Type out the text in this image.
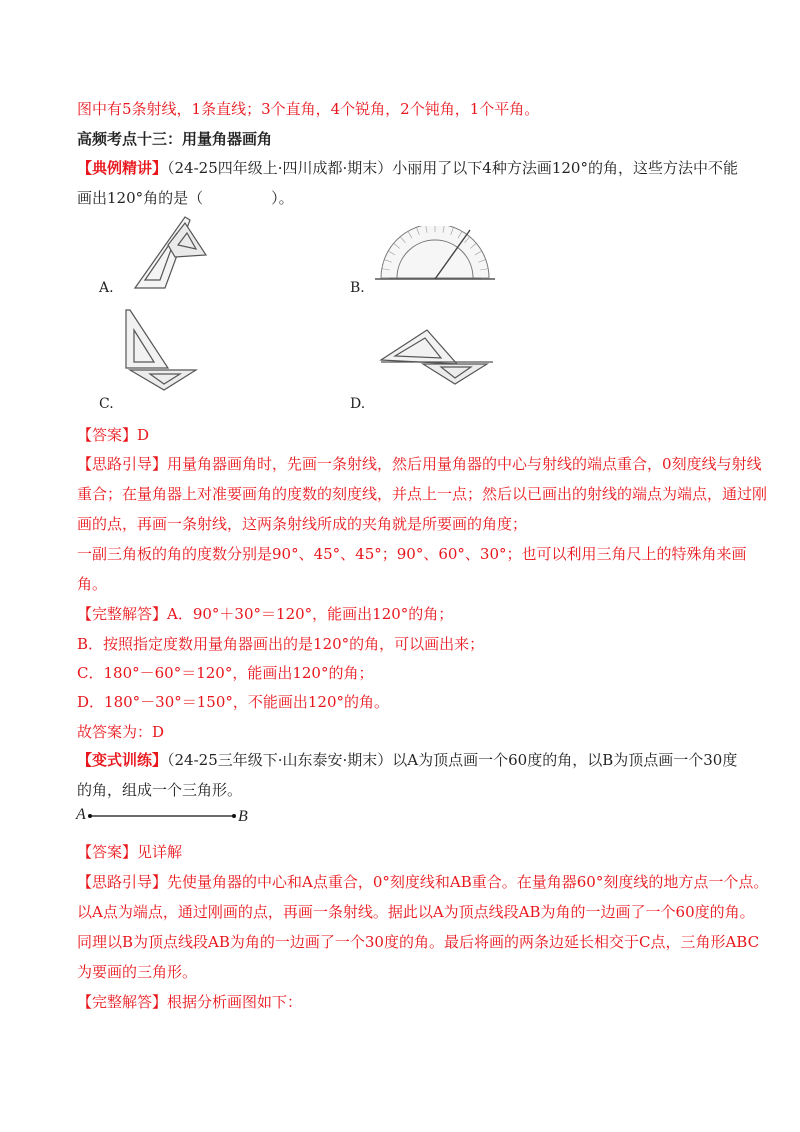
图中有5条射线，1条直线；3个直角，4个锐角，2个钝角，1个平角。
高频考点十三：用量角器画角
【典例精讲】（24-25四年级上·四川成都·期末）小丽用了以下4种方法画120°的角，这些方法中不能
画出120°角的是（	）。
A.	B.
C.	D.
【答案】D
【思路引导】用量角器画角时，先画一条射线，然后用量角器的中心与射线的端点重合，0刻度线与射线
重合；在量角器上对准要画角的度数的刻度线，并点上一点；然后以已画出的射线的端点为端点，通过刚
画的点，再画一条射线，这两条射线所成的夹角就是所要画的角度；
一副三角板的角的度数分别是90°、45°、45°；90°、60°、30°；也可以利用三角尺上的特殊角来画
角。
【完整解答】A．90°＋30°＝120°，能画出120°的角；
B．按照指定度数用量角器画出的是120°的角，可以画出来；
C．180°－60°＝120°，能画出120°的角；
D．180°－30°＝150°，不能画出120°的角。
故答案为：D
【变式训练】（24-25三年级下·山东泰安·期末）以A为顶点画一个60度的角，以B为顶点画一个30度
的角，组成一个三角形。
A	B
【答案】见详解
【思路引导】先使量角器的中心和A点重合，0°刻度线和AB重合。在量角器60°刻度线的地方点一个点。
以A点为端点，通过刚画的点，再画一条射线。据此以A为顶点线段AB为角的一边画了一个60度的角。
同理以B为顶点线段AB为角的一边画了一个30度的角。最后将画的两条边延长相交于C点，三角形ABC
为要画的三角形。
【完整解答】根据分析画图如下：
